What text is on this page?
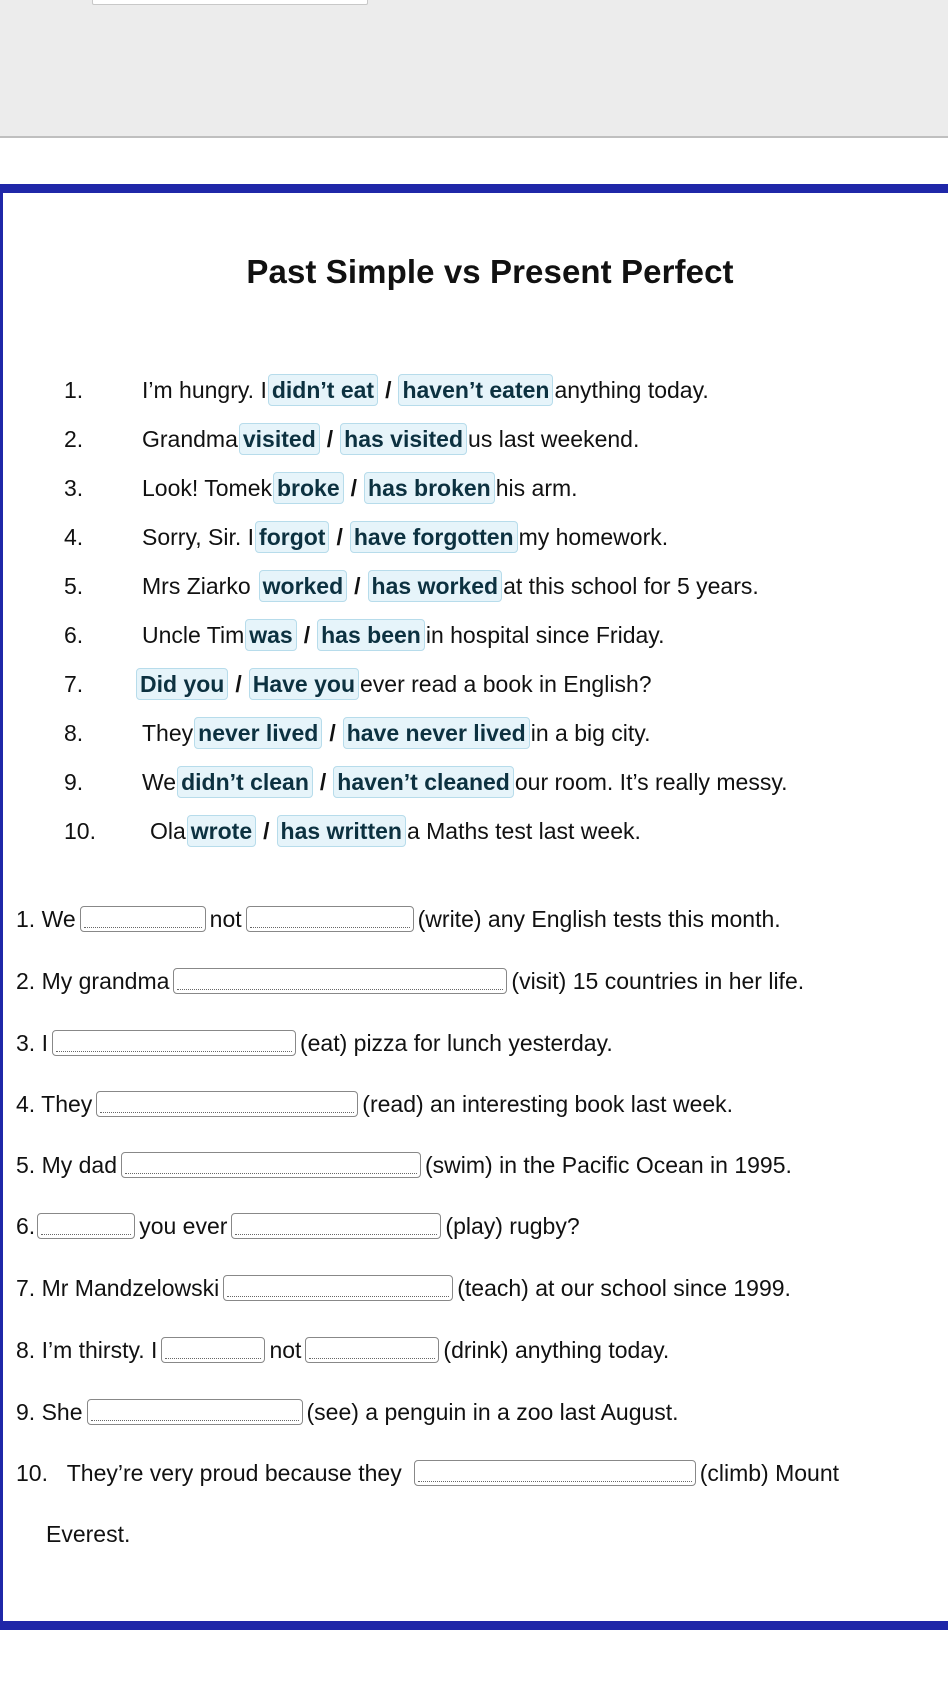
Past Simple vs Present Perfect
1.	I’m hungry. I didn’t eat / haven’t eaten anything today.
2.	Grandma visited / has visited us last weekend.
3.	Look! Tomek broke / has broken his arm.
4.	Sorry, Sir. I forgot / have forgotten my homework.
5.	Mrs Ziarko worked / has worked at this school for 5 years.
6.	Uncle Tim was / has been in hospital since Friday.
7. Did you / Have you ever read a book in English?
8.	They never lived / have never lived in a big city.
9.	We didn’t clean / haven’t cleaned our room. It’s really messy.
10. Ola wrote / has written a Maths test last week.
1. We	not	(write) any English tests this month.
2. My grandma	(visit) 15 countries in her life.
3. I	(eat) pizza for lunch yesterday.
4. They	(read) an interesting book last week.
5. My dad	(swim) in the Pacific Ocean in 1995.
6.	you ever	(play) rugby?
7. Mr Mandzelowski	(teach) at our school since 1999.
8. I’m thirsty. I	not	(drink) anything today.
9. She	(see) a penguin in a zoo last August.
10.   They’re very proud because they	(climb) Mount
Everest.
